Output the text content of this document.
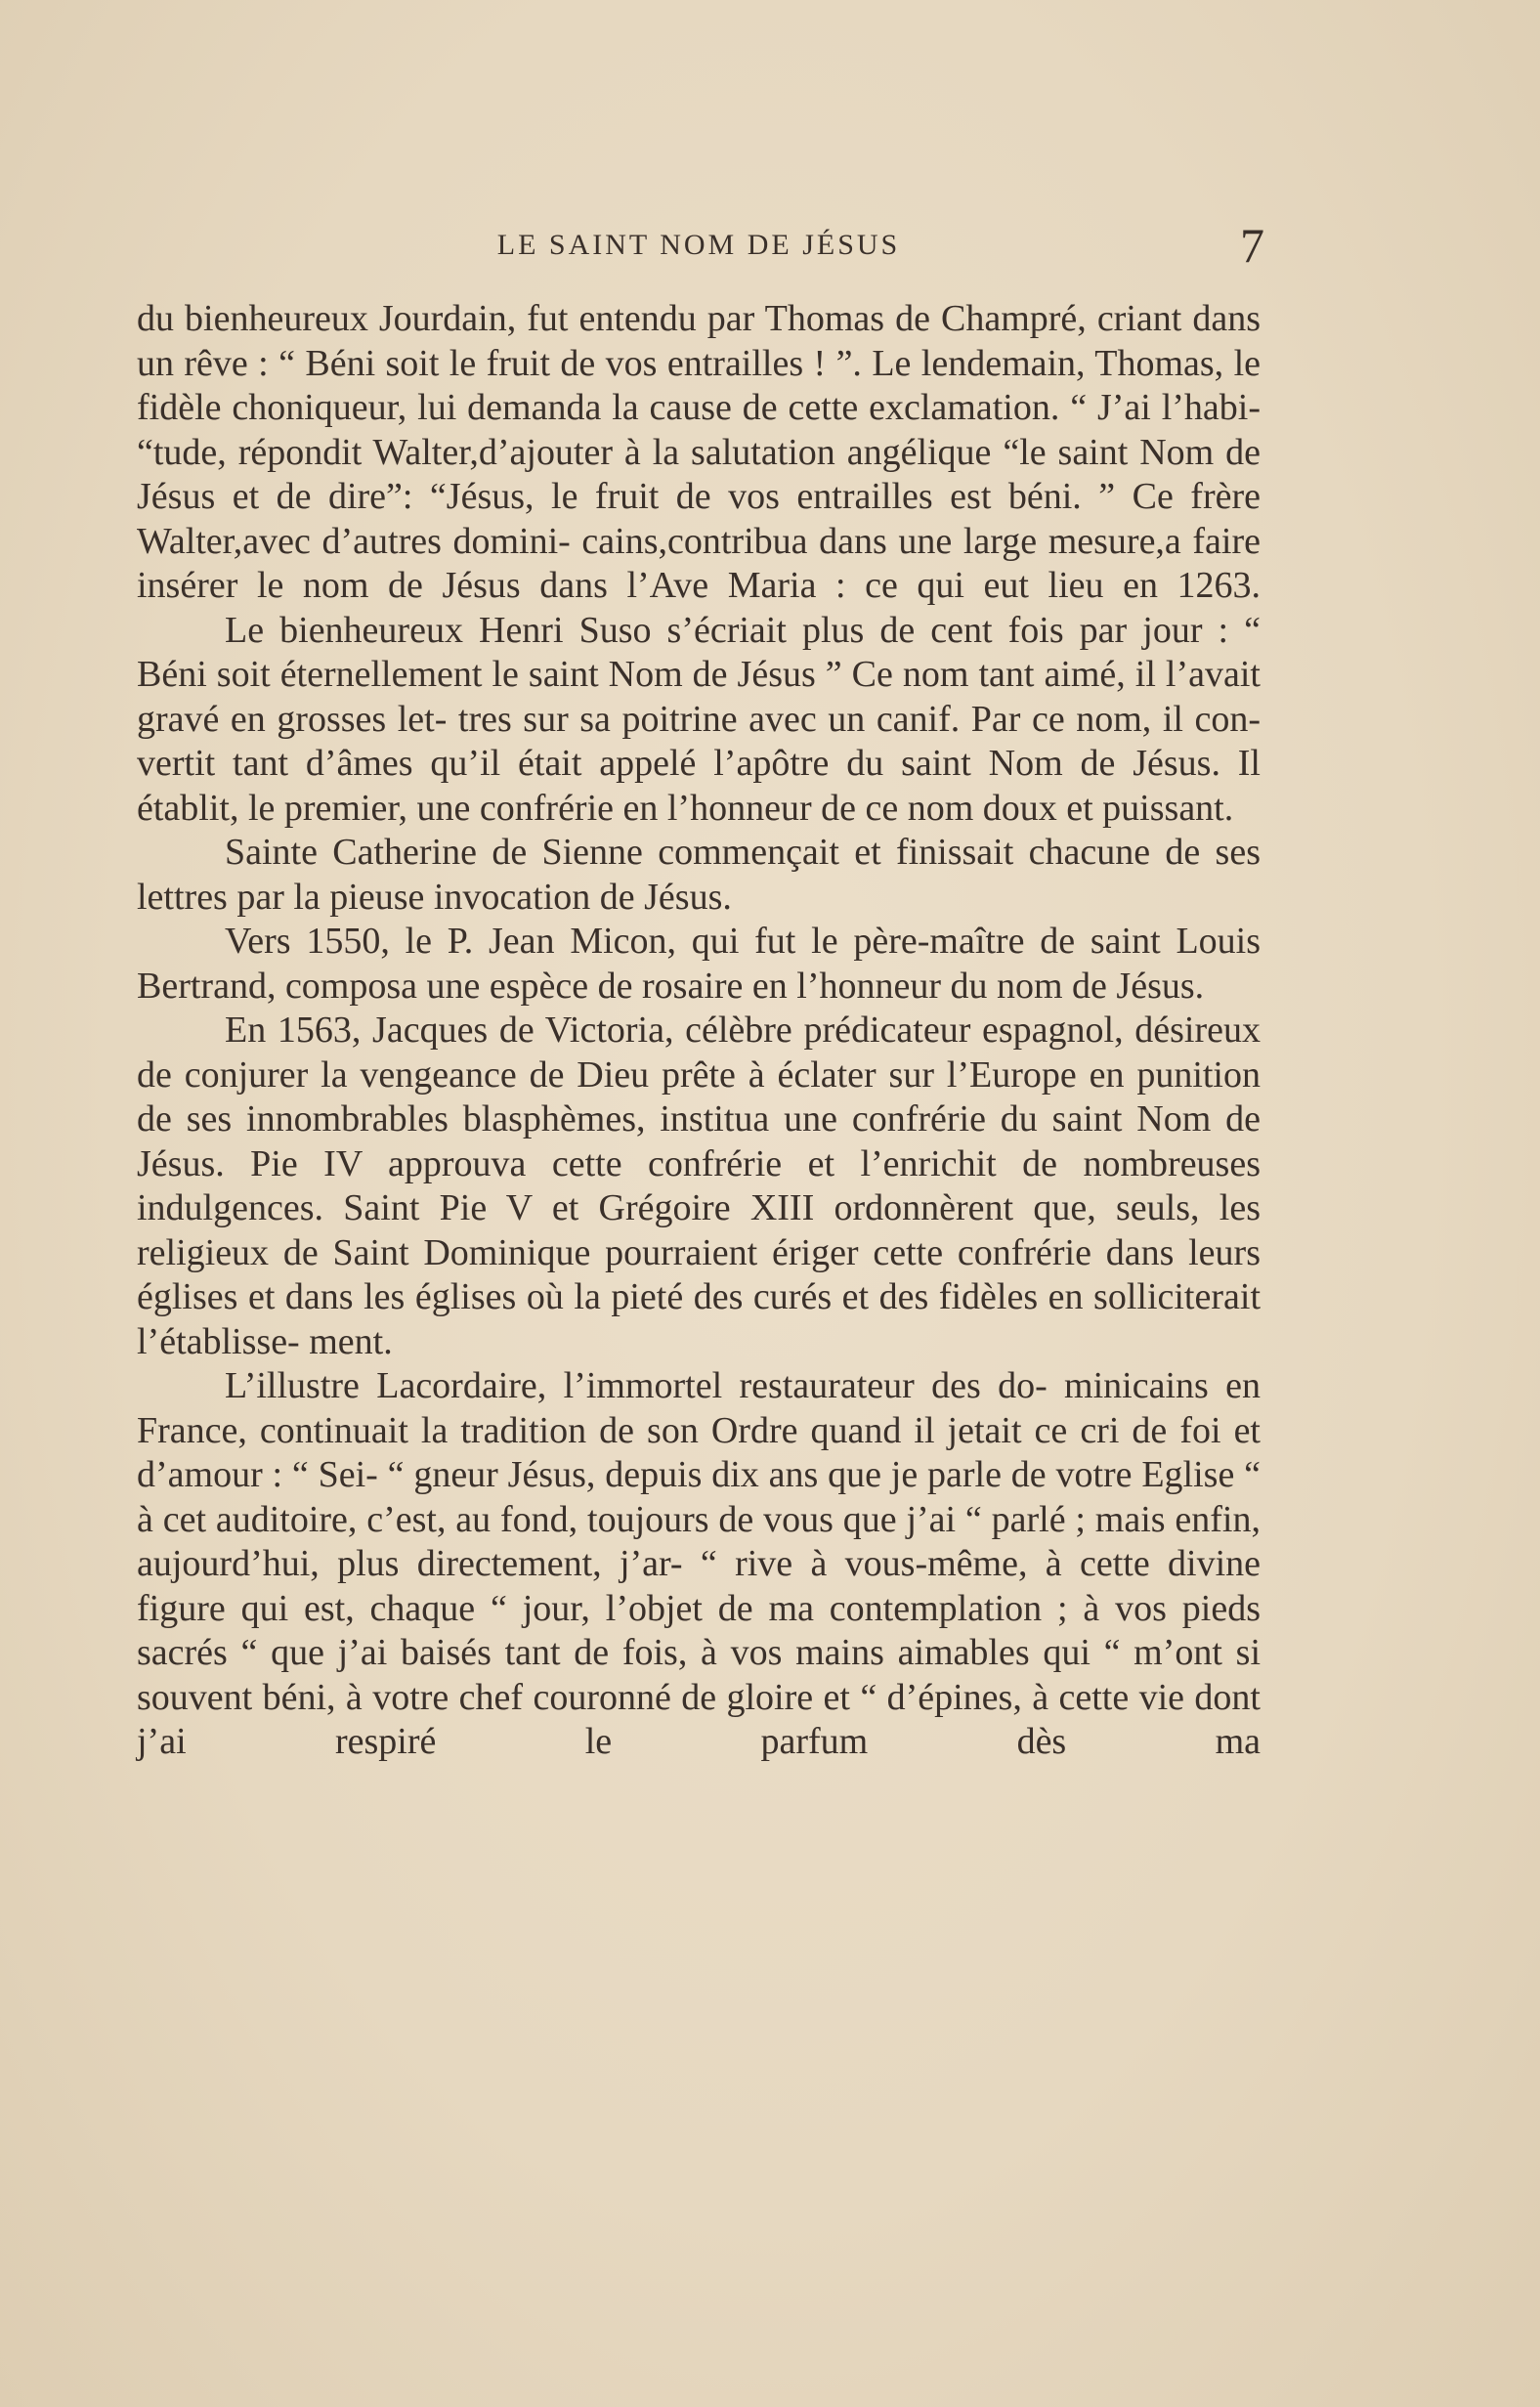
LE SAINT NOM DE JÉSUS	7

du bienheureux Jourdain, fut entendu par Thomas de Champré, criant dans un rêve : “ Béni soit le fruit de vos entrailles ! ”. Le lendemain, Thomas, le fidèle choniqueur, lui demanda la cause de cette exclamation. “ J’ai l’habi- “tude, répondit Walter,d’ajouter à la salutation angélique “le saint Nom de Jésus et de dire”: “Jésus, le fruit de vos entrailles est béni. ” Ce frère Walter,avec d’autres domini- cains,contribua dans une large mesure,a faire insérer le nom de Jésus dans l’Ave Maria : ce qui eut lieu en 1263.

Le bienheureux Henri Suso s’écriait plus de cent fois par jour : “ Béni soit éternellement le saint Nom de Jésus ” Ce nom tant aimé, il l’avait gravé en grosses let- tres sur sa poitrine avec un canif. Par ce nom, il con- vertit tant d’âmes qu’il était appelé l’apôtre du saint Nom de Jésus. Il établit, le premier, une confrérie en l’honneur de ce nom doux et puissant.

Sainte Catherine de Sienne commençait et finissait chacune de ses lettres par la pieuse invocation de Jésus.

Vers 1550, le P. Jean Micon, qui fut le père-maître de saint Louis Bertrand, composa une espèce de rosaire en l’honneur du nom de Jésus.

En 1563, Jacques de Victoria, célèbre prédicateur espagnol, désireux de conjurer la vengeance de Dieu prête à éclater sur l’Europe en punition de ses innombrables blasphèmes, institua une confrérie du saint Nom de Jésus. Pie IV approuva cette confrérie et l’enrichit de nombreuses indulgences. Saint Pie V et Grégoire XIII ordonnèrent que, seuls, les religieux de Saint Dominique pourraient ériger cette confrérie dans leurs églises et dans les églises où la pieté des curés et des fidèles en solliciterait l’établisse- ment.

L’illustre Lacordaire, l’immortel restaurateur des do- minicains en France, continuait la tradition de son Ordre quand il jetait ce cri de foi et d’amour : “ Sei- “ gneur Jésus, depuis dix ans que je parle de votre Eglise “ à cet auditoire, c’est, au fond, toujours de vous que j’ai “ parlé ; mais enfin, aujourd’hui, plus directement, j’ar- “ rive à vous-même, à cette divine figure qui est, chaque “ jour, l’objet de ma contemplation ; à vos pieds sacrés “ que j’ai baisés tant de fois, à vos mains aimables qui “ m’ont si souvent béni, à votre chef couronné de gloire et “ d’épines, à cette vie dont j’ai respiré le parfum dès ma
